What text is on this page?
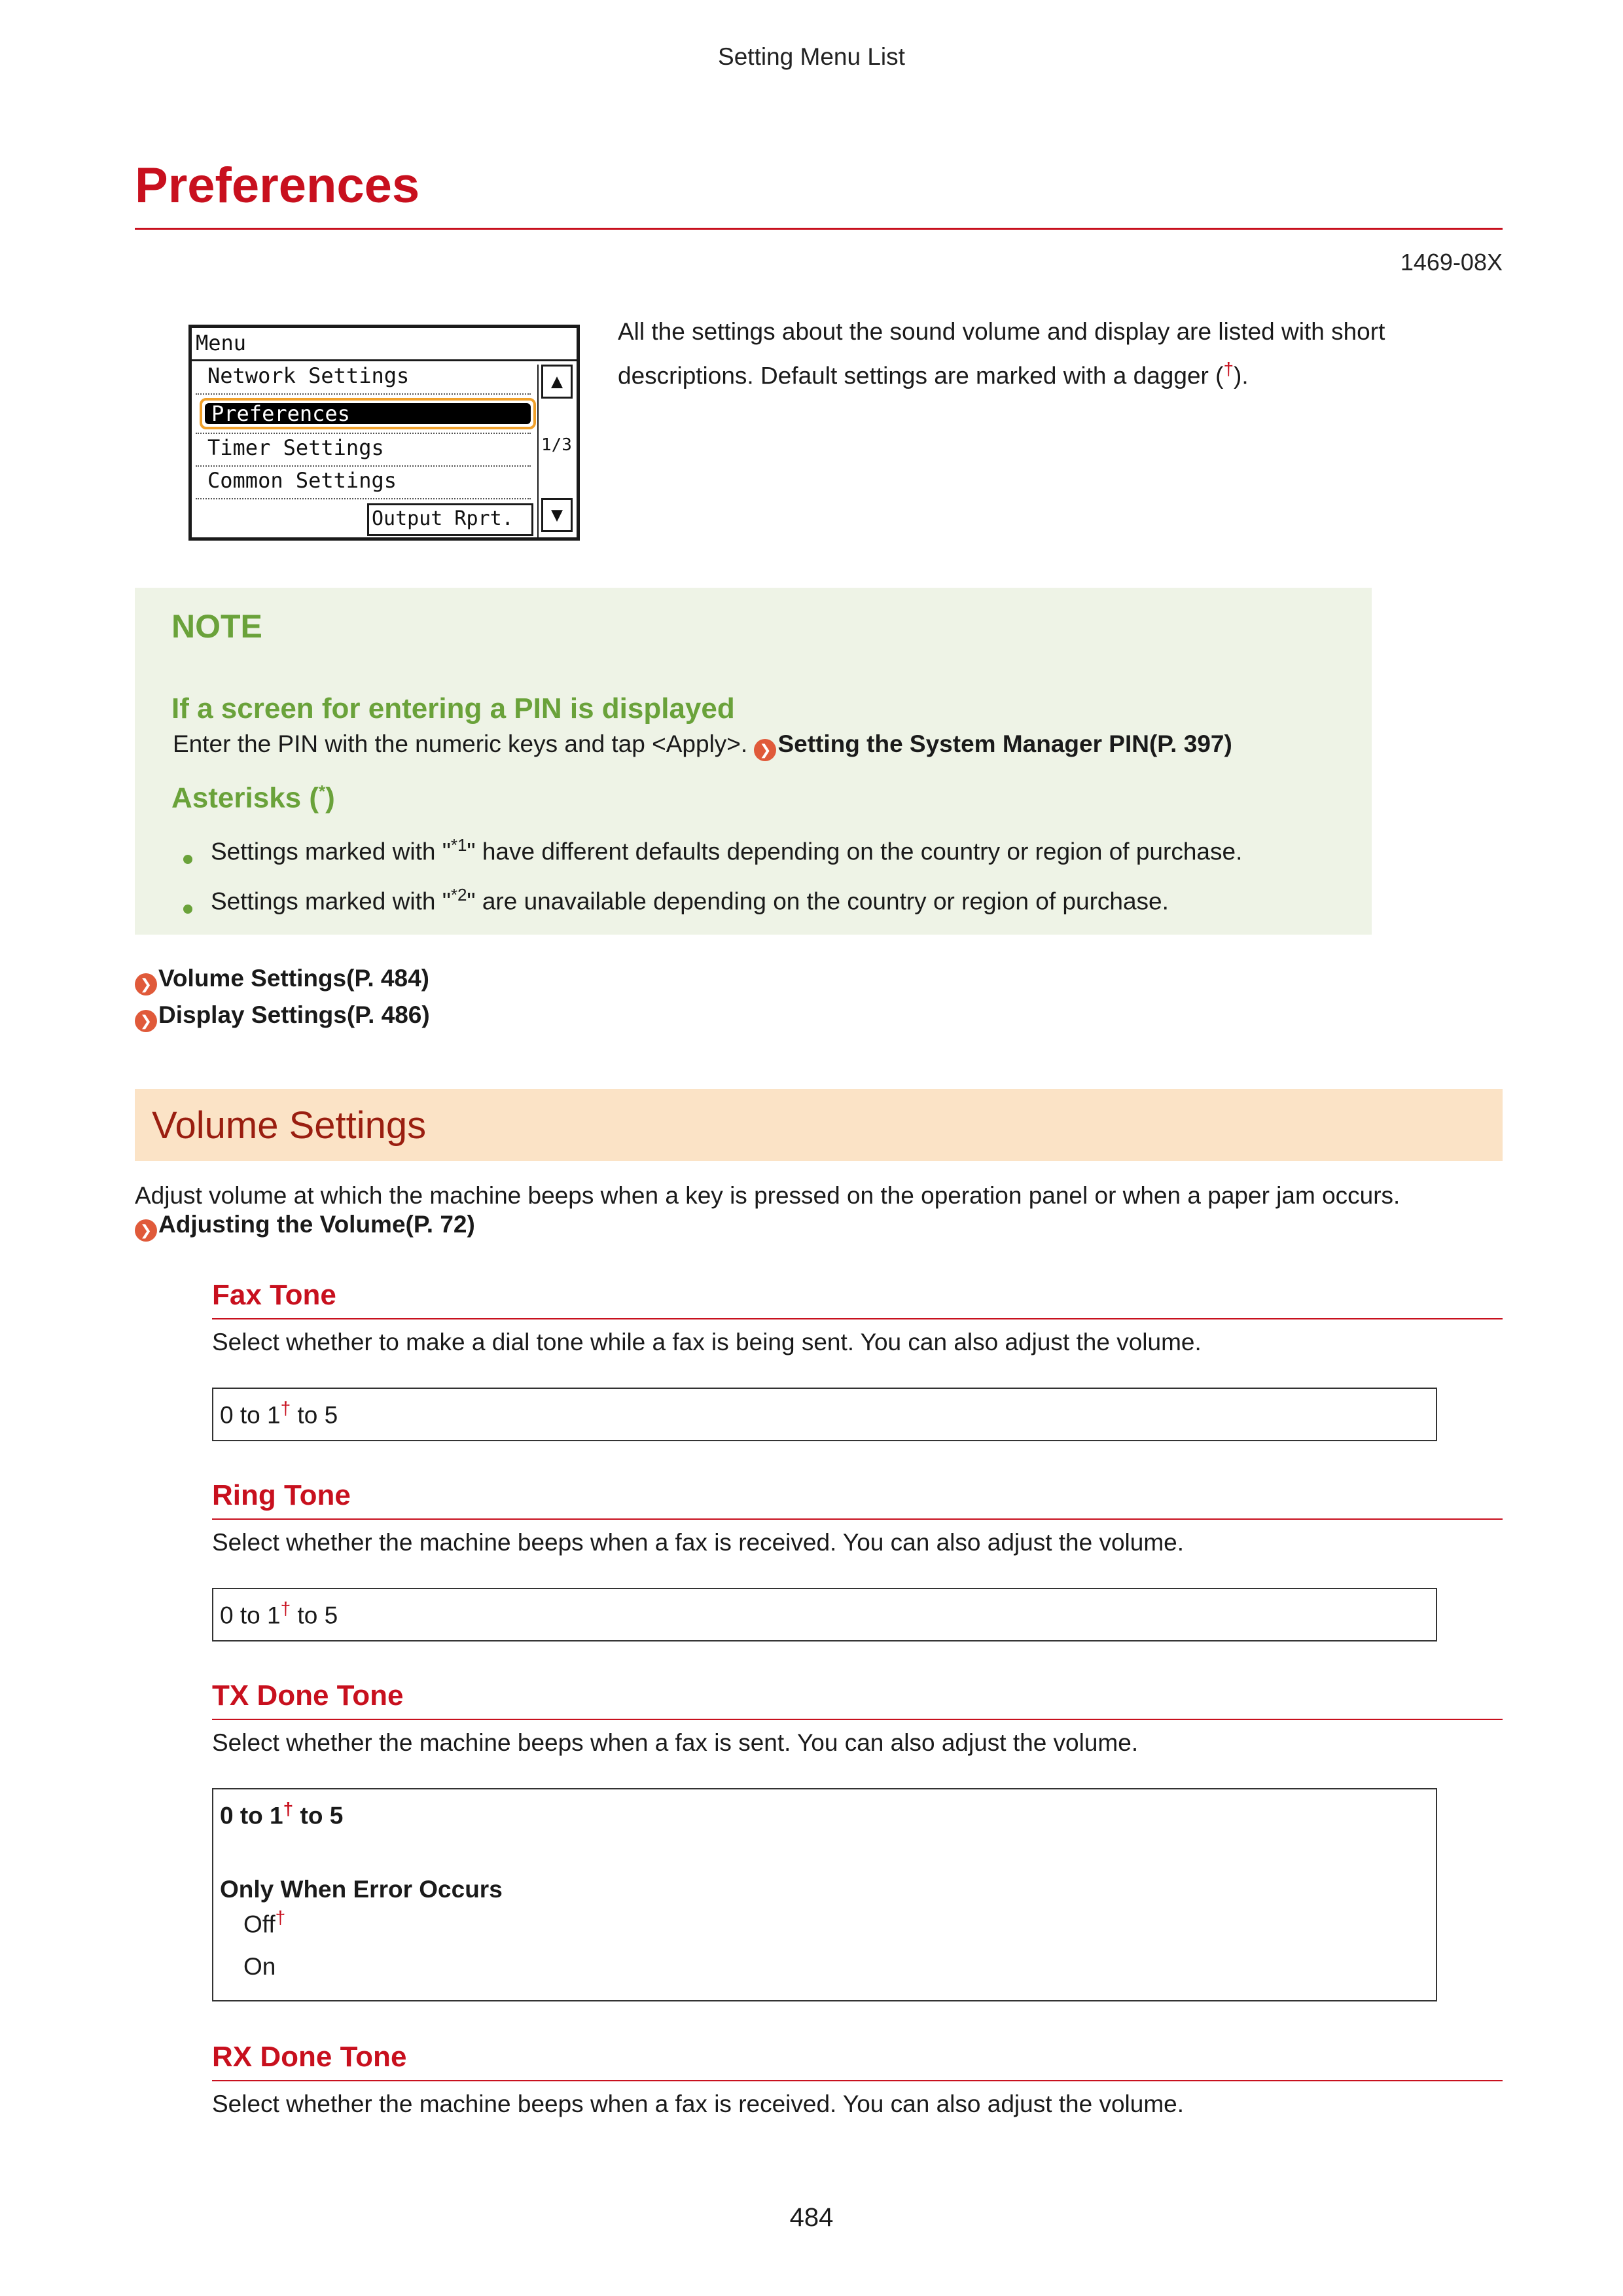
Setting Menu List
Preferences
1469-08X
Menu
Network Settings
Preferences
Timer Settings
Common Settings
Output Rprt.
▲
1/3
▼
All the settings about the sound volume and display are listed with short descriptions. Default settings are marked with a dagger (†).
NOTE
If a screen for entering a PIN is displayed
Enter the PIN with the numeric keys and tap <Apply>. ❯ Setting the System Manager PIN(P. 397)
Asterisks (*)
Settings marked with "$^{*1}$" have different defaults depending on the country or region of purchase.
Settings marked with "$^{*2}$" are unavailable depending on the country or region of purchase.
❯ Volume Settings(P. 484)
❯ Display Settings(P. 486)
Volume Settings
Adjust volume at which the machine beeps when a key is pressed on the operation panel or when a paper jam occurs.
❯ Adjusting the Volume(P. 72)
Fax Tone
Select whether to make a dial tone while a fax is being sent. You can also adjust the volume.
0 to 1† to 5
Ring Tone
Select whether the machine beeps when a fax is received. You can also adjust the volume.
0 to 1† to 5
TX Done Tone
Select whether the machine beeps when a fax is sent. You can also adjust the volume.
0 to 1† to 5
Only When Error Occurs
Off†
On
RX Done Tone
Select whether the machine beeps when a fax is received. You can also adjust the volume.
484
